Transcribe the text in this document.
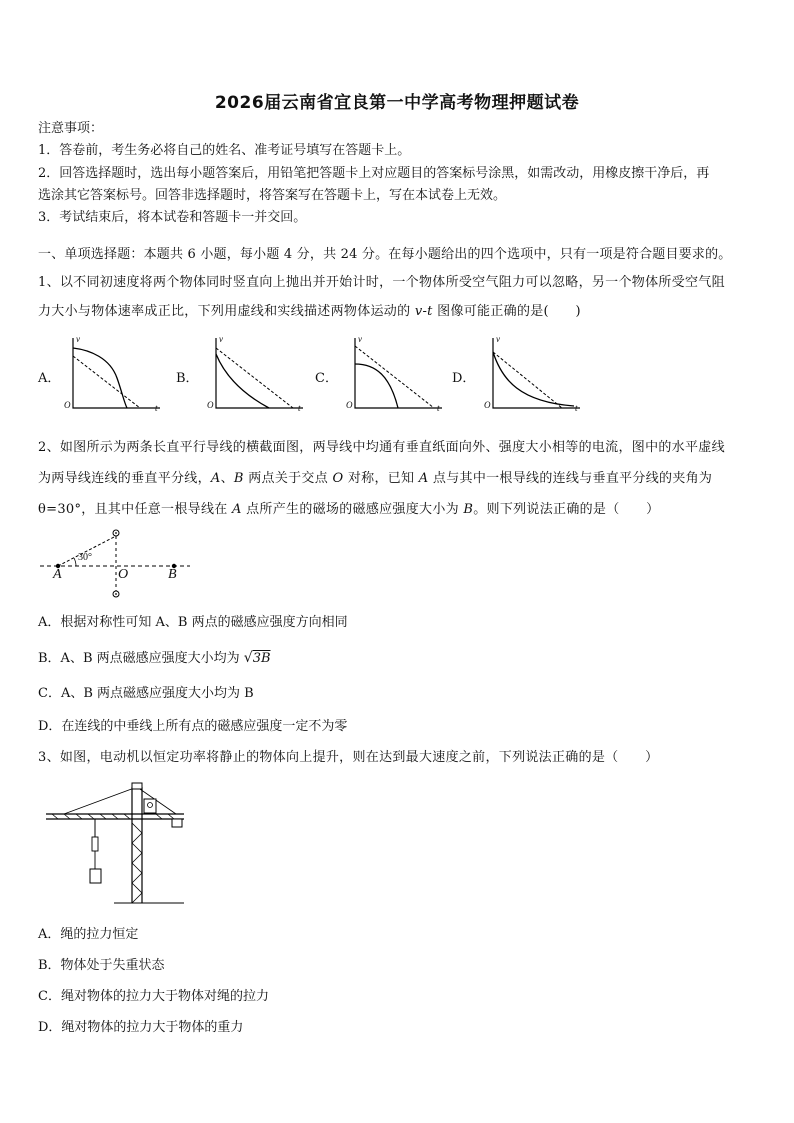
2026届云南省宜良第一中学高考物理押题试卷
注意事项：
1．答卷前，考生务必将自己的姓名、准考证号填写在答题卡上。
2．回答选择题时，选出每小题答案后，用铅笔把答题卡上对应题目的答案标号涂黑，如需改动，用橡皮擦干净后，再
选涂其它答案标号。回答非选择题时，将答案写在答题卡上，写在本试卷上无效。
3．考试结束后，将本试卷和答题卡一并交回。
一、单项选择题：本题共 6 小题，每小题 4 分，共 24 分。在每小题给出的四个选项中，只有一项是符合题目要求的。
1、以不同初速度将两个物体同时竖直向上抛出并开始计时，一个物体所受空气阻力可以忽略，另一个物体所受空气阻
力大小与物体速率成正比，下列用虚线和实线描述两物体运动的 v-t 图像可能正确的是(　　)
A．	B．	C．	D．
v
t
O
v
t
O
v
t
O
v
t
O
2、如图所示为两条长直平行导线的横截面图，两导线中均通有垂直纸面向外、强度大小相等的电流，图中的水平虚线
为两导线连线的垂直平分线，A、B 两点关于交点 O 对称，已知 A 点与其中一根导线的连线与垂直平分线的夹角为
θ=30°，且其中任意一根导线在 A 点所产生的磁场的磁感应强度大小为 B。则下列说法正确的是（　　）
30°
A	O	B
A．根据对称性可知 A、B 两点的磁感应强度方向相同
B．A、B 两点磁感应强度大小均为 √3B
C．A、B 两点磁感应强度大小均为 B
D．在连线的中垂线上所有点的磁感应强度一定不为零
3、如图，电动机以恒定功率将静止的物体向上提升，则在达到最大速度之前，下列说法正确的是（　　）
A．绳的拉力恒定
B．物体处于失重状态
C．绳对物体的拉力大于物体对绳的拉力
D．绳对物体的拉力大于物体的重力
